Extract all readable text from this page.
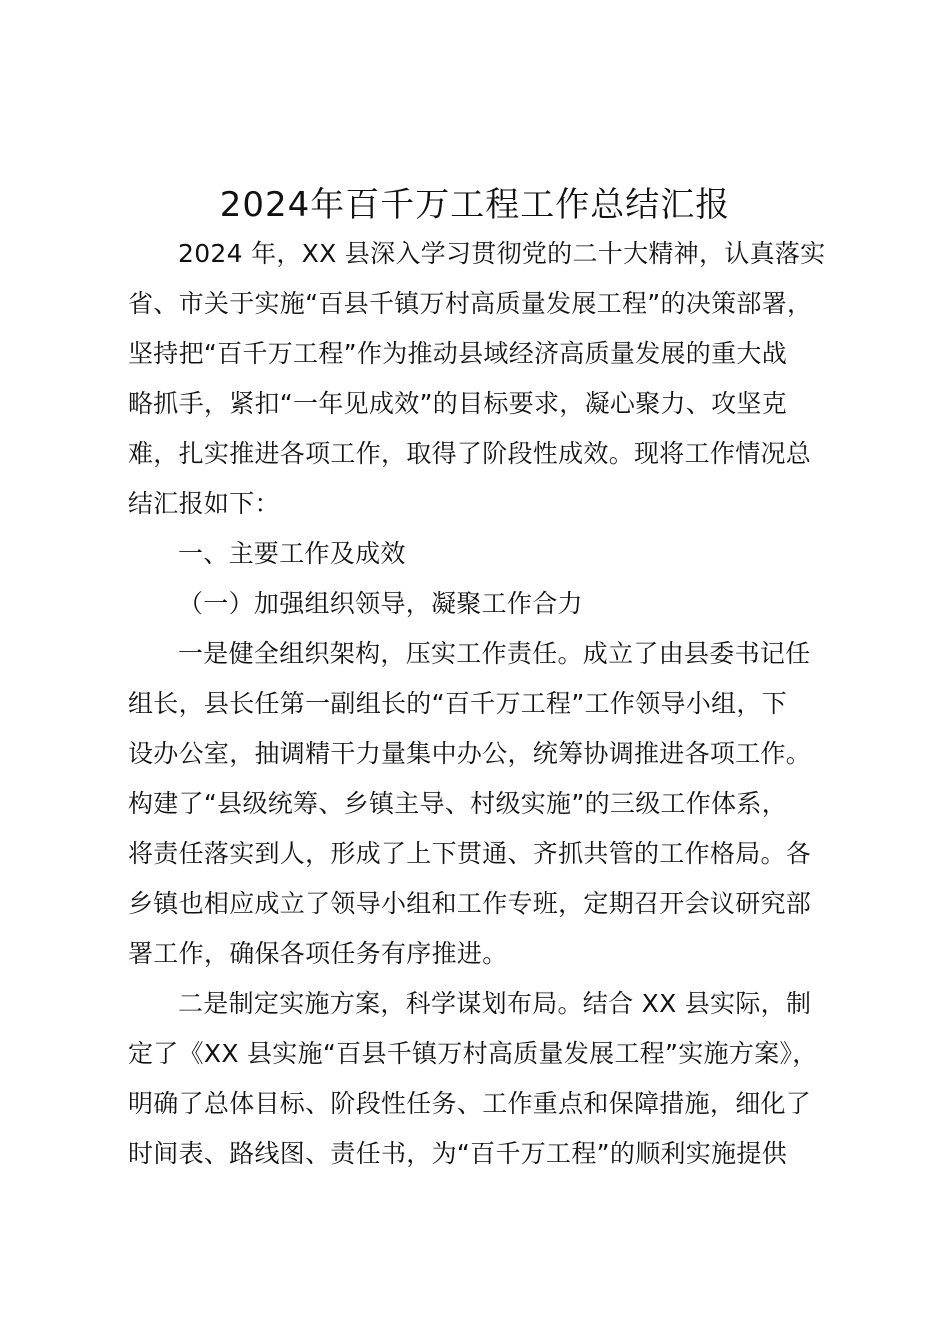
2024年百千万工程工作总结汇报
2024 年，XX 县深入学习贯彻党的二十大精神，认真落实
省、市关于实施“百县千镇万村高质量发展工程”的决策部署，
坚持把“百千万工程”作为推动县域经济高质量发展的重大战
略抓手，紧扣“一年见成效”的目标要求，凝心聚力、攻坚克
难，扎实推进各项工作，取得了阶段性成效。现将工作情况总
结汇报如下：
一、主要工作及成效
（一）加强组织领导，凝聚工作合力
一是健全组织架构，压实工作责任。成立了由县委书记任
组长，县长任第一副组长的“百千万工程”工作领导小组，下
设办公室，抽调精干力量集中办公，统筹协调推进各项工作。
构建了“县级统筹、乡镇主导、村级实施”的三级工作体系，
将责任落实到人，形成了上下贯通、齐抓共管的工作格局。各
乡镇也相应成立了领导小组和工作专班，定期召开会议研究部
署工作，确保各项任务有序推进。
二是制定实施方案，科学谋划布局。结合 XX 县实际，制
定了《XX 县实施“百县千镇万村高质量发展工程”实施方案》，
明确了总体目标、阶段性任务、工作重点和保障措施，细化了
时间表、路线图、责任书，为“百千万工程”的顺利实施提供
